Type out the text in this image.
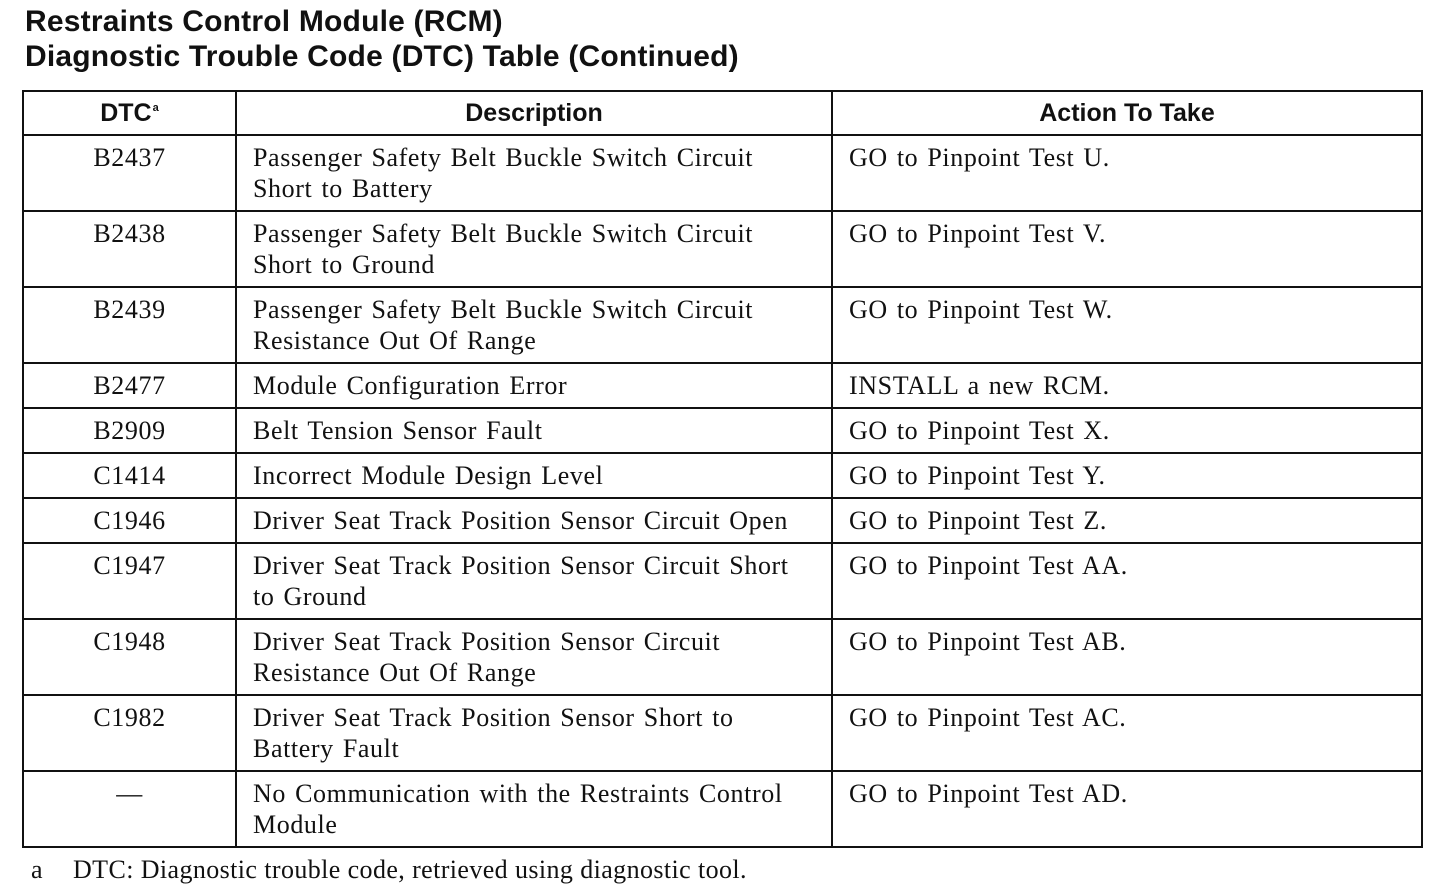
Restraints Control Module (RCM)
Diagnostic Trouble Code (DTC) Table (Continued)
DTC$^a$	Description	Action To Take
B2437	Passenger Safety Belt Buckle Switch Circuit Short to Battery	GO to Pinpoint Test U.
B2438	Passenger Safety Belt Buckle Switch Circuit Short to Ground	GO to Pinpoint Test V.
B2439	Passenger Safety Belt Buckle Switch Circuit Resistance Out Of Range	GO to Pinpoint Test W.
B2477	Module Configuration Error	INSTALL a new RCM.
B2909	Belt Tension Sensor Fault	GO to Pinpoint Test X.
C1414	Incorrect Module Design Level	GO to Pinpoint Test Y.
C1946	Driver Seat Track Position Sensor Circuit Open	GO to Pinpoint Test Z.
C1947	Driver Seat Track Position Sensor Circuit Short to Ground	GO to Pinpoint Test AA.
C1948	Driver Seat Track Position Sensor Circuit Resistance Out Of Range	GO to Pinpoint Test AB.
C1982	Driver Seat Track Position Sensor Short to Battery Fault	GO to Pinpoint Test AC.
—	No Communication with the Restraints Control Module	GO to Pinpoint Test AD.
a DTC: Diagnostic trouble code, retrieved using diagnostic tool.
